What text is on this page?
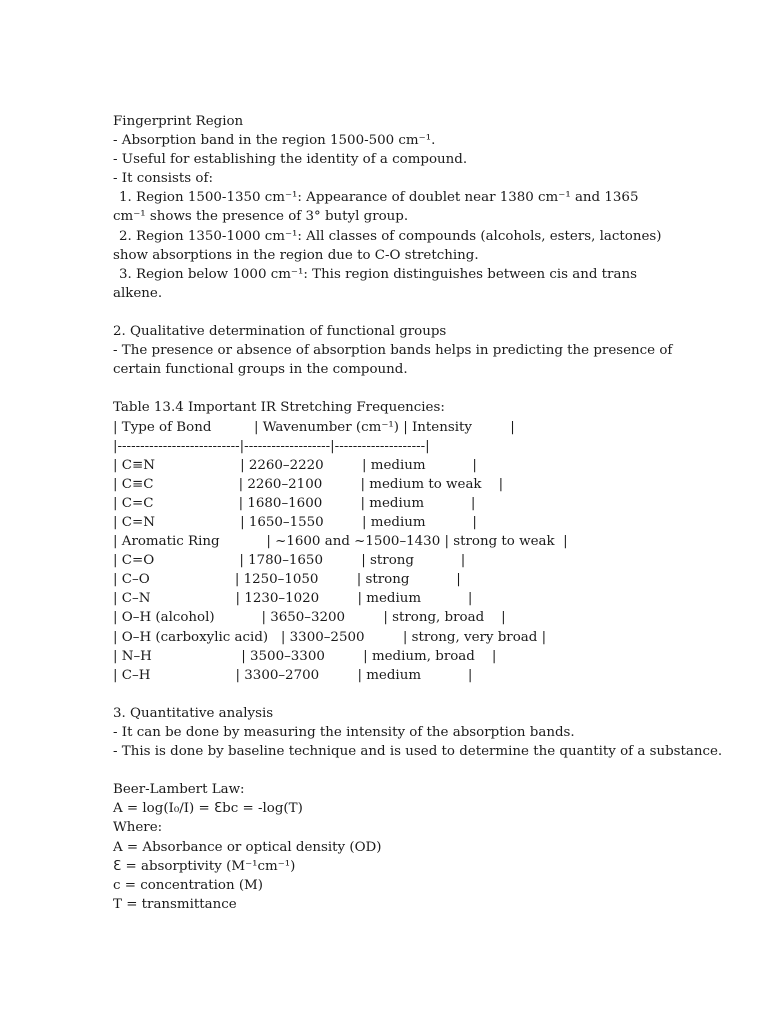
Fingerprint Region

- Absorption band in the region 1500-500 cm⁻¹.

- Useful for establishing the identity of a compound.

- It consists of:

1. Region 1500-1350 cm⁻¹: Appearance of doublet near 1380 cm⁻¹ and 1365 cm⁻¹ shows the presence of 3° butyl group.

2. Region 1350-1000 cm⁻¹: All classes of compounds (alcohols, esters, lactones) show absorptions in the region due to C-O stretching.

3. Region below 1000 cm⁻¹: This region distinguishes between cis and trans alkene.

2. Qualitative determination of functional groups

- The presence or absence of absorption bands helps in predicting the presence of certain functional groups in the compound.

Table 13.4 Important IR Stretching Frequencies:

| Type of Bond          | Wavenumber (cm⁻¹) | Intensity         |

|---------------------------|-------------------|--------------------|

| C≡N                    | 2260–2220         | medium           |

| C≡C                    | 2260–2100         | medium to weak    |

| C=C                    | 1680–1600         | medium           |

| C=N                    | 1650–1550         | medium           |

| Aromatic Ring           | ~1600 and ~1500–1430 | strong to weak  |

| C=O                    | 1780–1650         | strong           |

| C–O                    | 1250–1050         | strong           |

| C–N                    | 1230–1020         | medium           |

| O–H (alcohol)           | 3650–3200         | strong, broad    |

| O–H (carboxylic acid)   | 3300–2500         | strong, very broad |

| N–H                     | 3500–3300         | medium, broad    |

| C–H                    | 3300–2700         | medium           |

3. Quantitative analysis

- It can be done by measuring the intensity of the absorption bands.

- This is done by baseline technique and is used to determine the quantity of a substance.

Beer-Lambert Law:

A = log(I₀/I) = ℇbc = -log(T)

Where:

A = Absorbance or optical density (OD)

ℇ = absorptivity (M⁻¹cm⁻¹)

c = concentration (M)

T = transmittance
